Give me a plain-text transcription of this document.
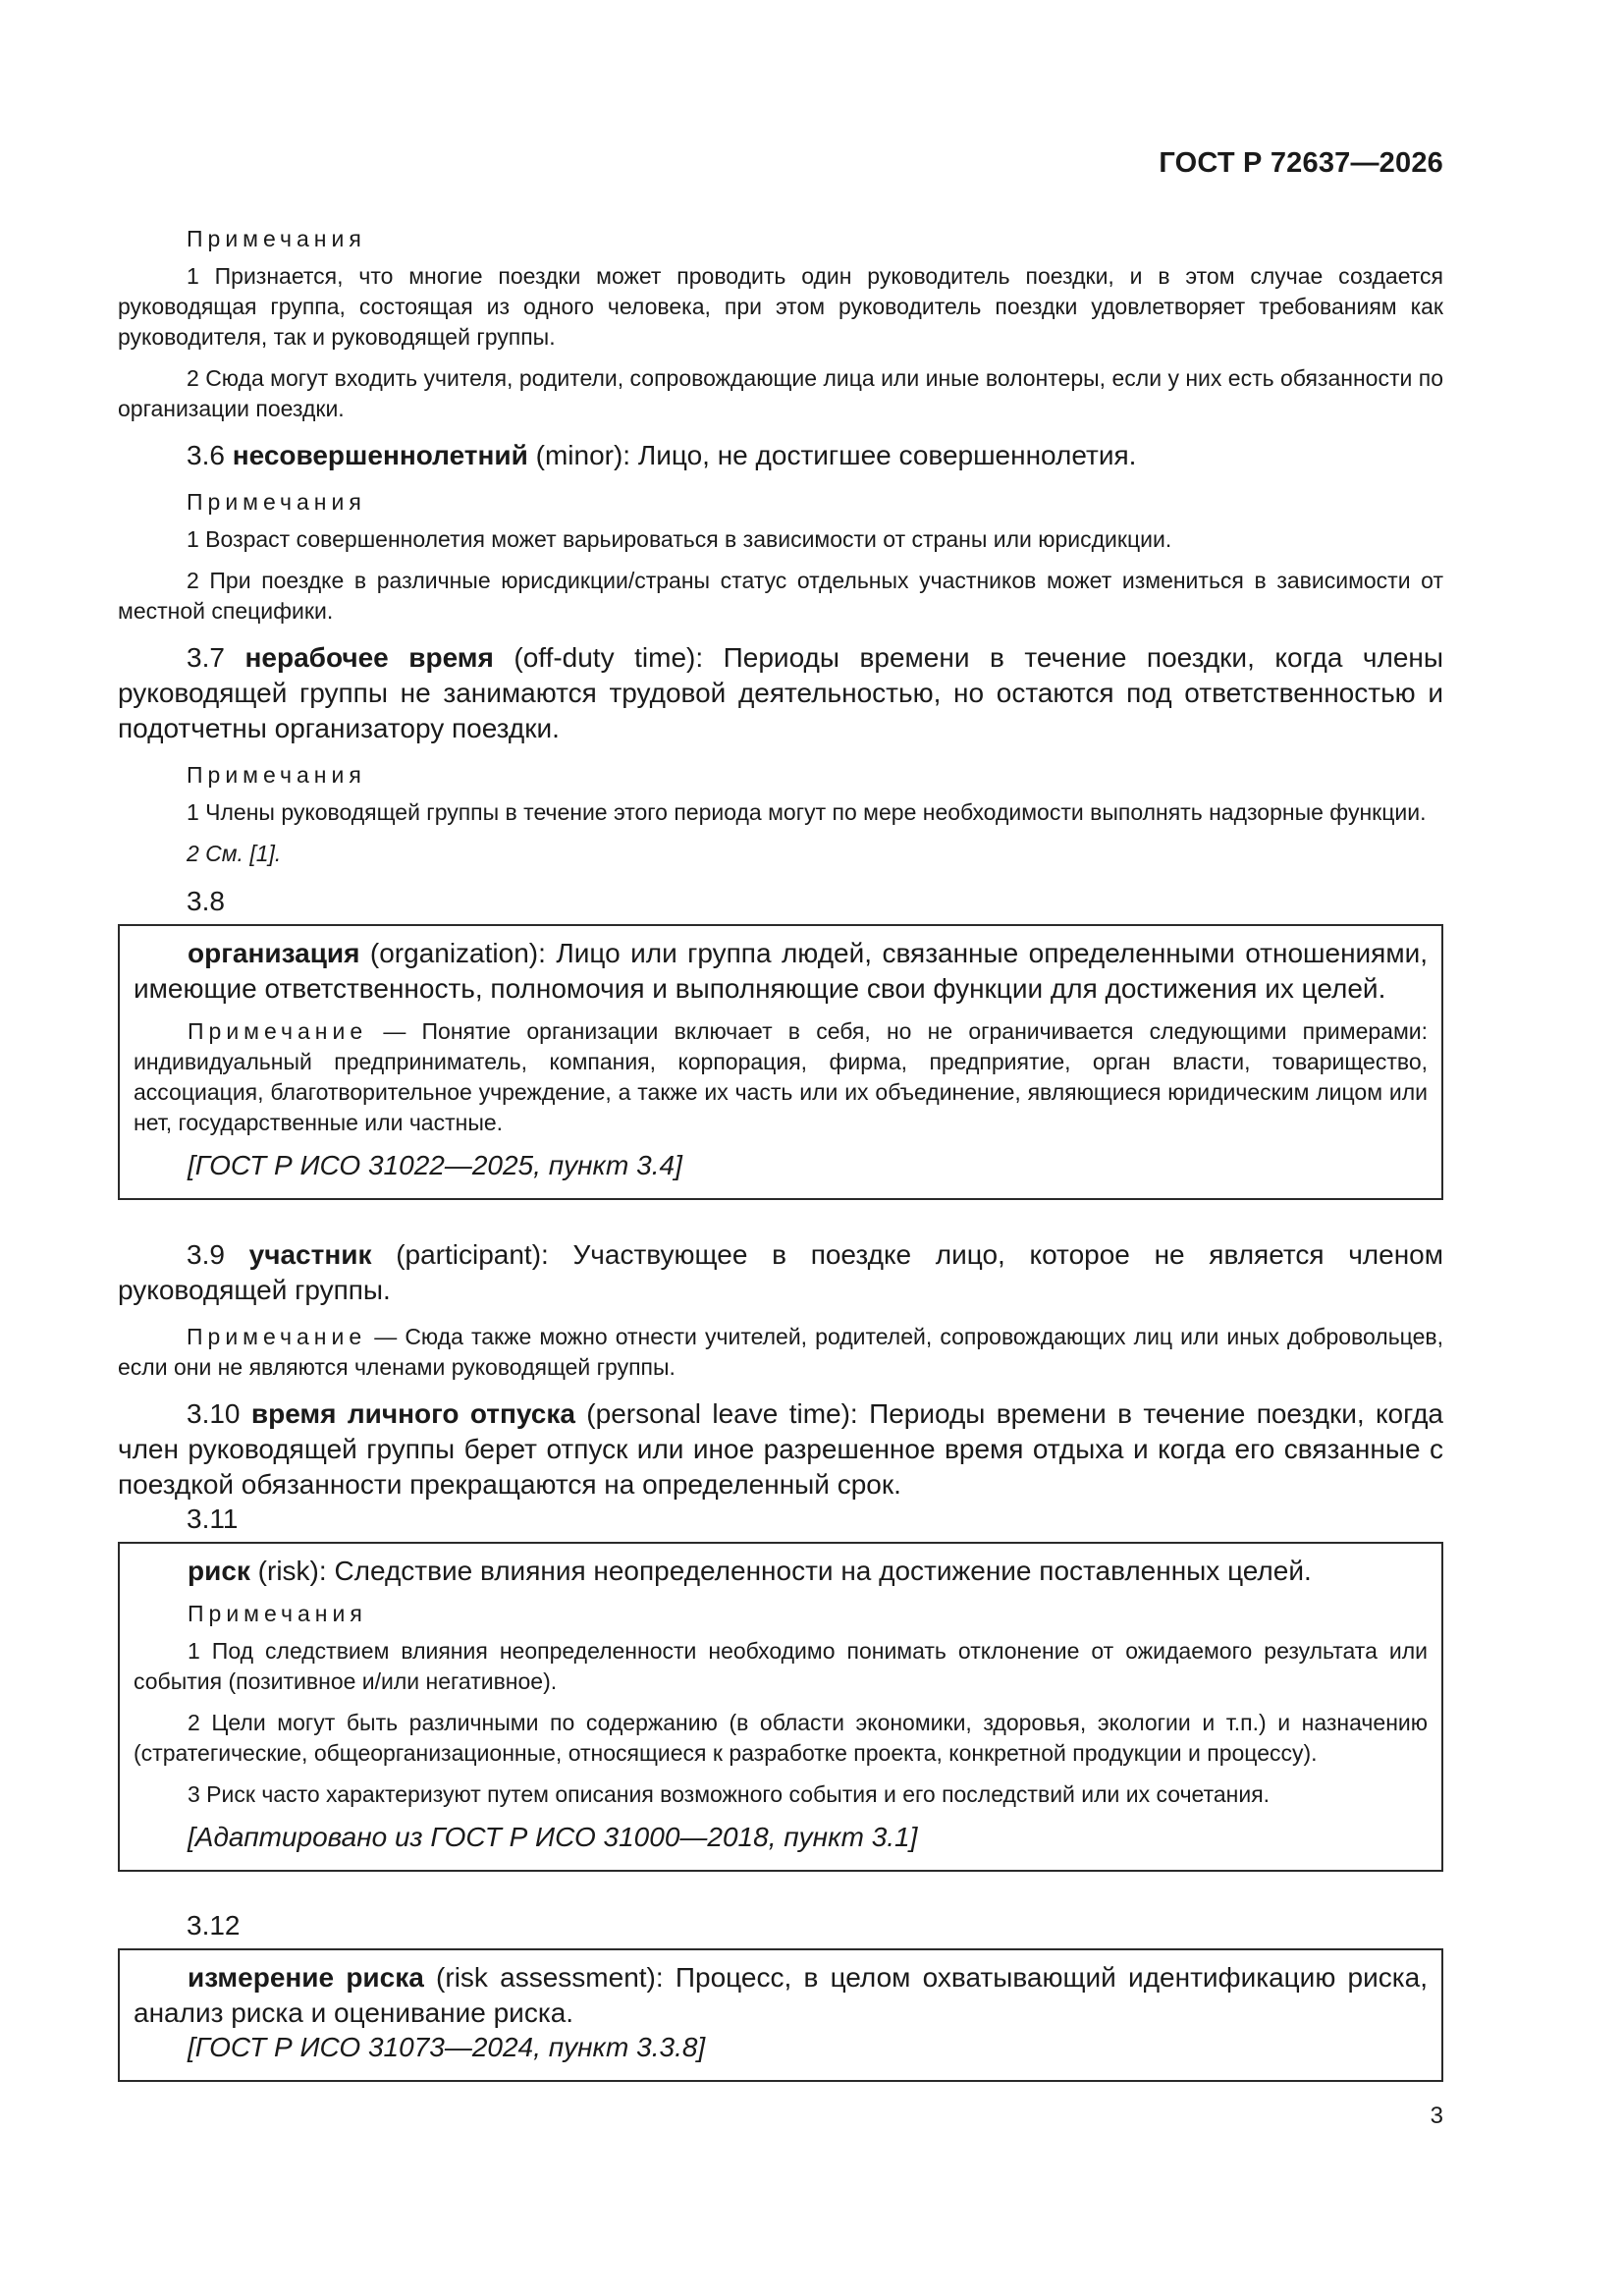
ГОСТ Р 72637—2026
Примечания

1 Признается, что многие поездки может проводить один руководитель поездки, и в этом случае создается руководящая группа, состоящая из одного человека, при этом руководитель поездки удовлетворяет требованиям как руководителя, так и руководящей группы.

2 Сюда могут входить учителя, родители, сопровождающие лица или иные волонтеры, если у них есть обязанности по организации поездки.

3.6 несовершеннолетний (minor): Лицо, не достигшее совершеннолетия.

Примечания

1 Возраст совершеннолетия может варьироваться в зависимости от страны или юрисдикции.

2 При поездке в различные юрисдикции/страны статус отдельных участников может измениться в зависимости от местной специфики.

3.7 нерабочее время (off-duty time): Периоды времени в течение поездки, когда члены руководящей группы не занимаются трудовой деятельностью, но остаются под ответственностью и подотчетны организатору поездки.

Примечания

1 Члены руководящей группы в течение этого периода могут по мере необходимости выполнять надзорные функции.

2 См. [1].

3.8

организация (organization): Лицо или группа людей, связанные определенными отношениями, имеющие ответственность, полномочия и выполняющие свои функции для достижения их целей.

Примечание — Понятие организации включает в себя, но не ограничивается следующими примерами: индивидуальный предприниматель, компания, корпорация, фирма, предприятие, орган власти, товарищество, ассоциация, благотворительное учреждение, а также их часть или их объединение, являющиеся юридическим лицом или нет, государственные или частные.

[ГОСТ Р ИСО 31022—2025, пункт 3.4]

3.9 участник (participant): Участвующее в поездке лицо, которое не является членом руководящей группы.

Примечание — Сюда также можно отнести учителей, родителей, сопровождающих лиц или иных добровольцев, если они не являются членами руководящей группы.

3.10 время личного отпуска (personal leave time): Периоды времени в течение поездки, когда член руководящей группы берет отпуск или иное разрешенное время отдыха и когда его связанные с поездкой обязанности прекращаются на определенный срок.

3.11

риск (risk): Следствие влияния неопределенности на достижение поставленных целей.

Примечания

1 Под следствием влияния неопределенности необходимо понимать отклонение от ожидаемого результата или события (позитивное и/или негативное).

2 Цели могут быть различными по содержанию (в области экономики, здоровья, экологии и т.п.) и назначению (стратегические, общеорганизационные, относящиеся к разработке проекта, конкретной продукции и процессу).

3 Риск часто характеризуют путем описания возможного события и его последствий или их сочетания.

[Адаптировано из ГОСТ Р ИСО 31000—2018, пункт 3.1]
3.12

измерение риска (risk assessment): Процесс, в целом охватывающий идентификацию риска, анализ риска и оценивание риска.

[ГОСТ Р ИСО 31073—2024, пункт 3.3.8]
3
